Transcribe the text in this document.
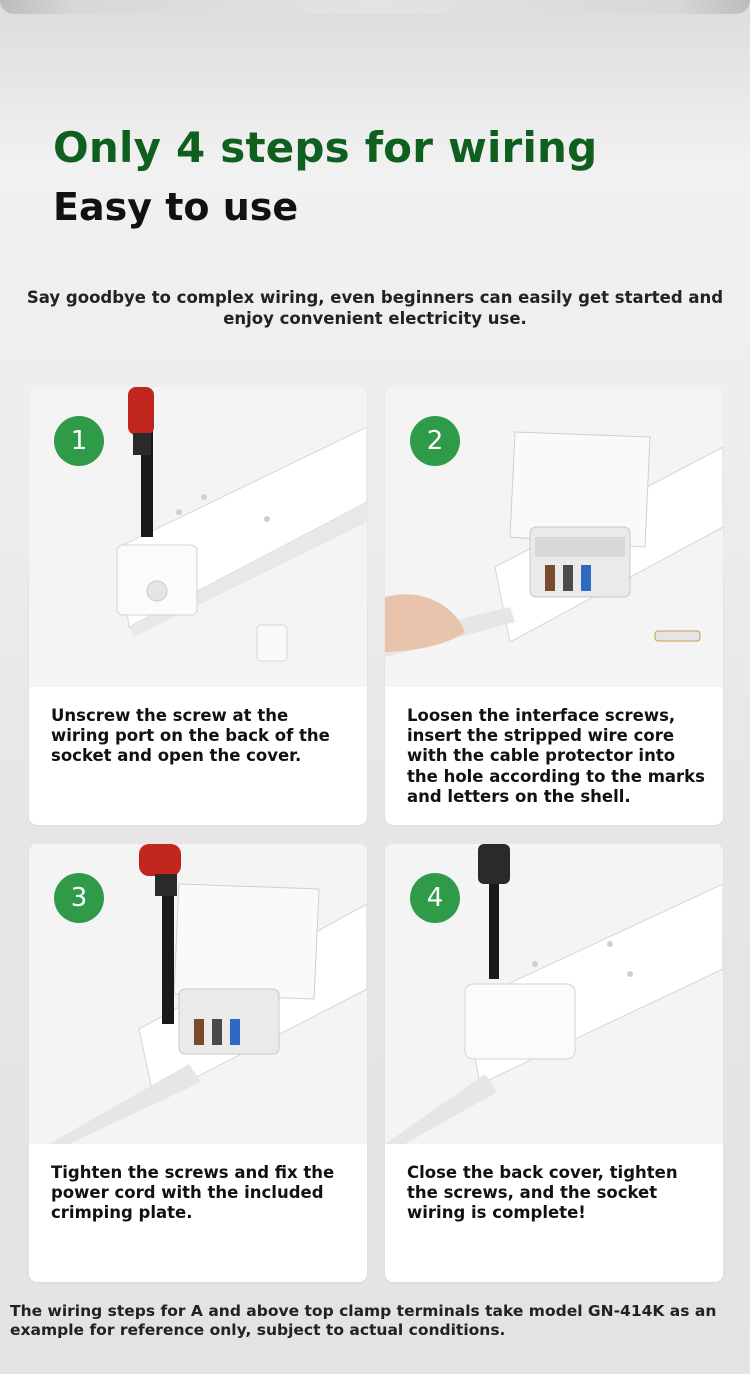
Only 4 steps for wiring
Easy to use
Say goodbye to complex wiring, even beginners can easily get started and enjoy convenient electricity use.
1
Unscrew the screw at the wiring port on the back of the socket and open the cover.
2
Loosen the interface screws, insert the stripped wire core with the cable protector into the hole according to the marks and letters on the shell.
3
Tighten the screws and fix the power cord with the included crimping plate.
4
Close the back cover, tighten the screws, and the socket wiring is complete!
The wiring steps for A and above top clamp terminals take model GN-414K as an example for reference only, subject to actual conditions.
